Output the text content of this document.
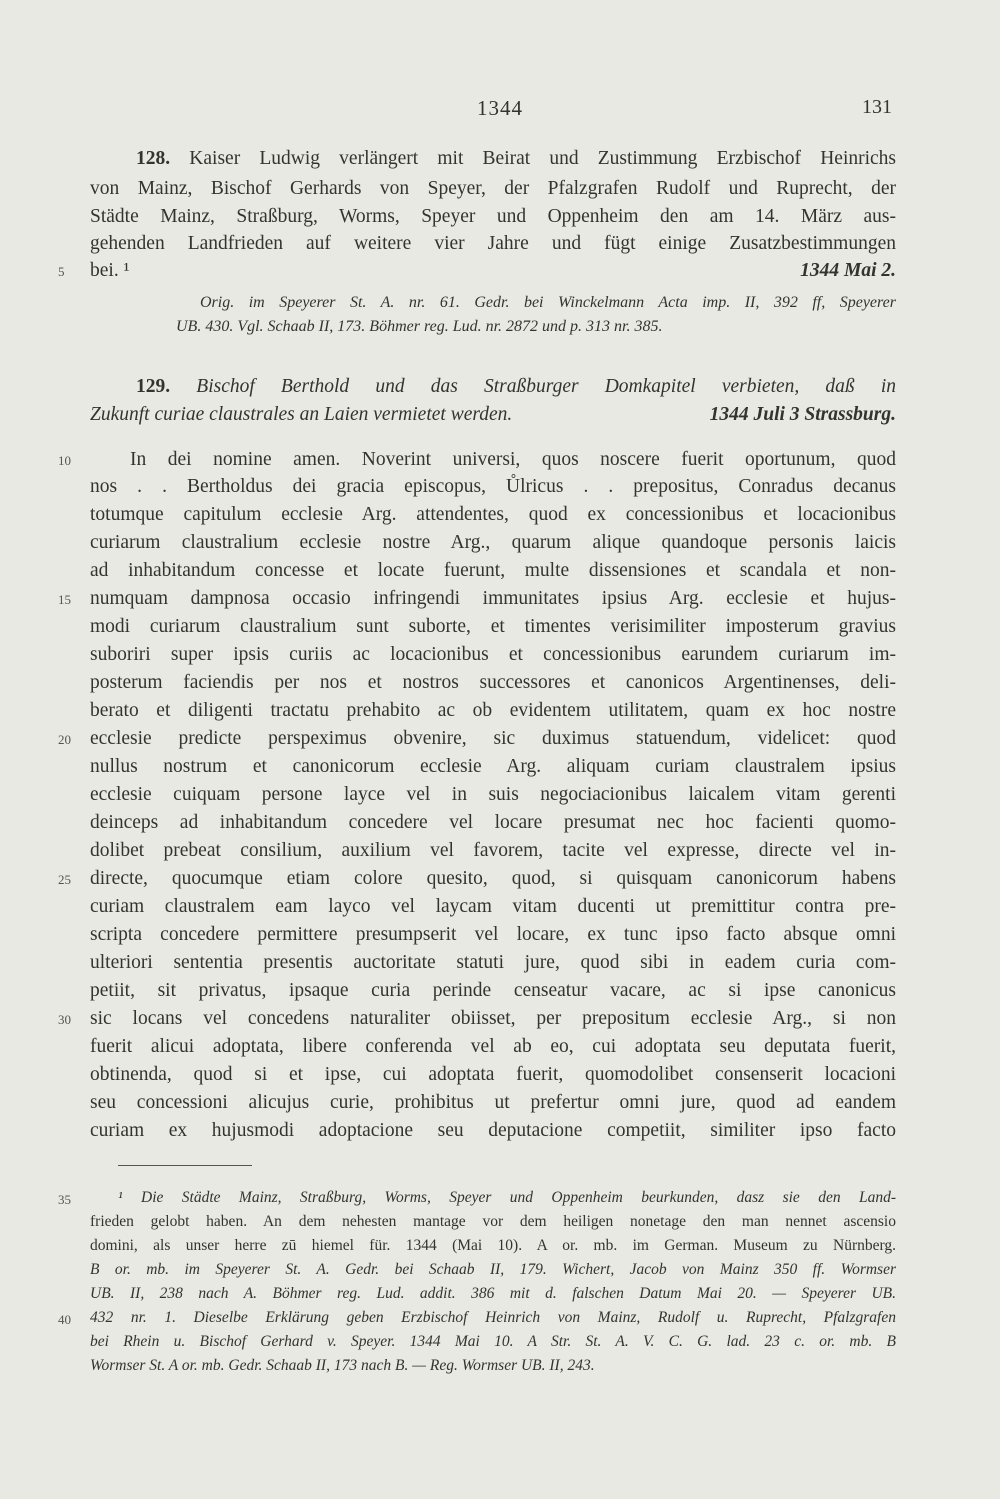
1344	131
128. Kaiser Ludwig verlängert mit Beirat und Zustimmung Erzbischof Heinrichs
von Mainz, Bischof Gerhards von Speyer, der Pfalzgrafen Rudolf und Ruprecht, der
Städte Mainz, Straßburg, Worms, Speyer und Oppenheim den am 14. März aus-
gehenden Landfrieden auf weitere vier Jahre und fügt einige Zusatzbestimmungen
bei. ¹	1344 Mai 2.
5
Orig. im Speyerer St. A. nr. 61. Gedr. bei Winckelmann Acta imp. II, 392 ff, Speyerer
UB. 430. Vgl. Schaab II, 173. Böhmer reg. Lud. nr. 2872 und p. 313 nr. 385.
129. Bischof Berthold und das Straßburger Domkapitel verbieten, daß in
Zukunft curiae claustrales an Laien vermietet werden.	1344 Juli 3 Strassburg.
In dei nomine amen. Noverint universi, quos noscere fuerit oportunum, quod
nos . . Bertholdus dei gracia episcopus, Ůlricus . . prepositus, Conradus decanus
totumque capitulum ecclesie Arg. attendentes, quod ex concessionibus et locacionibus
curiarum claustralium ecclesie nostre Arg., quarum alique quandoque personis laicis
ad inhabitandum concesse et locate fuerunt, multe dissensiones et scandala et non-
numquam dampnosa occasio infringendi immunitates ipsius Arg. ecclesie et hujus-
modi curiarum claustralium sunt suborte, et timentes verisimiliter imposterum gravius
suboriri super ipsis curiis ac locacionibus et concessionibus earundem curiarum im-
posterum faciendis per nos et nostros successores et canonicos Argentinenses, deli-
berato et diligenti tractatu prehabito ac ob evidentem utilitatem, quam ex hoc nostre
ecclesie predicte perspeximus obvenire, sic duximus statuendum, videlicet: quod
nullus nostrum et canonicorum ecclesie Arg. aliquam curiam claustralem ipsius
ecclesie cuiquam persone layce vel in suis negociacionibus laicalem vitam gerenti
deinceps ad inhabitandum concedere vel locare presumat nec hoc facienti quomo-
dolibet prebeat consilium, auxilium vel favorem, tacite vel expresse, directe vel in-
directe, quocumque etiam colore quesito, quod, si quisquam canonicorum habens
curiam claustralem eam layco vel laycam vitam ducenti ut premittitur contra pre-
scripta concedere permittere presumpserit vel locare, ex tunc ipso facto absque omni
ulteriori sententia presentis auctoritate statuti jure, quod sibi in eadem curia com-
petiit, sit privatus, ipsaque curia perinde censeatur vacare, ac si ipse canonicus
sic locans vel concedens naturaliter obiisset, per prepositum ecclesie Arg., si non
fuerit alicui adoptata, libere conferenda vel ab eo, cui adoptata seu deputata fuerit,
obtinenda, quod si et ipse, cui adoptata fuerit, quomodolibet consenserit locacioni
seu concessioni alicujus curie, prohibitus ut prefertur omni jure, quod ad eandem
curiam ex hujusmodi adoptacione seu deputacione competiit, similiter ipso facto
10
15
20
25
30
¹ Die Städte Mainz, Straßburg, Worms, Speyer und Oppenheim beurkunden, dasz sie den Land-
frieden gelobt haben. An dem nehesten mantage vor dem heiligen nonetage den man nennet ascensio
domini, als unser herre zū hiemel für. 1344 (Mai 10). A or. mb. im German. Museum zu Nürnberg.
B or. mb. im Speyerer St. A. Gedr. bei Schaab II, 179. Wichert, Jacob von Mainz 350 ff. Wormser
UB. II, 238 nach A. Böhmer reg. Lud. addit. 386 mit d. falschen Datum Mai 20. — Speyerer UB.
432 nr. 1. Dieselbe Erklärung geben Erzbischof Heinrich von Mainz, Rudolf u. Ruprecht, Pfalzgrafen
bei Rhein u. Bischof Gerhard v. Speyer. 1344 Mai 10. A Str. St. A. V. C. G. lad. 23 c. or. mb. B
Wormser St. A or. mb. Gedr. Schaab II, 173 nach B. — Reg. Wormser UB. II, 243.
35
40
